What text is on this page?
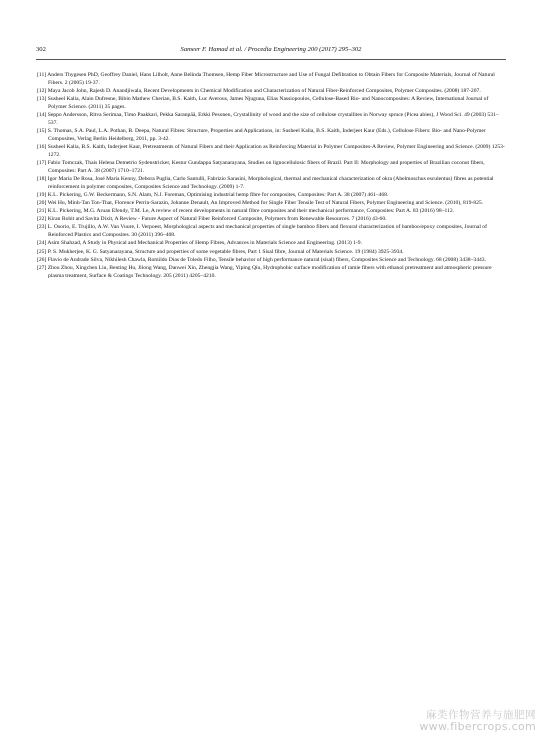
302	Sameer F. Hamad et al. / Procedia Engineering 200 (2017) 295–302

[11] Anders Thygesen PhD, Geoffrey Daniel, Hans Lilholt, Anne Belinda Thomsen, Hemp Fiber Microstructure and Use of Fungal Defibration to Obtain Fibers for Composite Materials, Journal of Natural Fibers. 2 (2005) 19-37.

[12] Maya Jacob John, Rajesh D. Anandjiwala, Recent Developments in Chemical Modification and Characterization of Natural Fiber-Reinforced Composites, Polymer Composites. (2008) 187-207.

[13] Susheel Kalia, Alain Dufresne, Bibin Mathew Cherian, B.S. Kaith, Luc Averous, James Njuguna, Elias Nassiopoulos, Cellulose-Based Bio- and Nanocomposites: A Review, International Journal of Polymer Science. (2011) 35 pages.

[14] Seppo Andersson, Ritva Serimaa, Timo Paakkari, Pekka Saranpää, Erkki Pesonen, Crystallinity of wood and the size of cellulose crystallites in Norway spruce (Picea abies), J Wood Sci. 49 (2003) 531–537.

[15] S. Thomas, S.A. Paul, L.A. Pothan, B. Deepa, Natural Fibres: Structure, Properties and Applications, in: Susheel Kalia, B.S. Kaith, Inderjeet Kaur (Eds.), Cellulose Fibers: Bio- and Nano-Polymer Composites, Verlag Berlin Heidelberg, 2011, pp. 3-42.

[16] Susheel Kalia, B.S. Kaith, Inderjeet Kaur, Pretreatments of Natural Fibers and their Application as Reinforcing Material in Polymer Composites-A Review, Polymer Engineering and Science. (2009) 1253-1272.

[17] Fabio Tomczak, Thais Helena Demetrio Sydenstricker, Kestur Gundappa Satyanarayana, Studies on lignocellulosic fibers of Brazil. Part II: Morphology and properties of Brazilian coconut fibers, Composites: Part A. 38 (2007) 1710–1721.

[18] Igor Maria De Rosa, José Maria Kenny, Debora Puglia, Carlo Santulli, Fabrizio Sarasini, Morphological, thermal and mechanical characterization of okra (Abelmoschus esculentus) fibres as potential reinforcement in polymer composites, Composites Science and Technology. (2009) 1-7.

[19] K.L. Pickering, G.W. Beckermann, S.N. Alam, N.J. Foreman, Optimising industrial hemp fibre for composites, Composites: Part A. 38 (2007) 461–468.

[20] Wei Hu, Minh-Tan Ton-That, Florence Perrin-Sarazin, Johanne Denault, An Improved Method for Single Fiber Tensile Test of Natural Fibers, Polymer Engineering and Science. (2010), 819-825.

[21] K.L. Pickering, M.G. Aruan Efendy, T.M. Le, A review of recent developments in natural fibre composites and their mechanical performance, Composites: Part A. 83 (2016) 98–112.

[22] Kiran Rohit and Savita Dixit, A Review - Future Aspect of Natural Fiber Reinforced Composite, Polymers from Renewable Resources. 7 (2016) 43-60.

[23] L. Osorio, E. Trujillo, A.W. Van Vuure, I. Verpoest, Morphological aspects and mechanical properties of single bamboo fibers and flexural characterization of bamboo/epoxy composites, Journal of Reinforced Plastics and Composites. 30 (2011) 396–408.

[24] Asim Shahzad, A Study in Physical and Mechanical Properties of Hemp Fibres, Advances in Materials Science and Engineering. (2013) 1-9.

[25] P. S. Mukherjee, K. G. Satyanarayana, Structure and properties of some vegetable fibres, Part 1 Sisal fibre, Journal of Materials Science. 19 (1984) 3925-3934.

[26] Flavio de Andrade Silva, Nikhilesh Chawla, Romildo Dias de Toledo Filho, Tensile behavior of high performance natural (sisal) fibers, Composites Science and Technology. 68 (2008) 3438–3443.

[27] Zhou Zhou, Xingchen Liu, Benting Hu, Jilong Wang, Danwei Xin, Zhengjia Wang, Yiping Qiu, Hydrophobic surface modification of ramie fibers with ethanol pretreatment and atmospheric pressure plasma treatment, Surface & Coatings Technology. 205 (2011) 4205–4210.

麻类作物营养与施肥网
www.fibercrops.com
